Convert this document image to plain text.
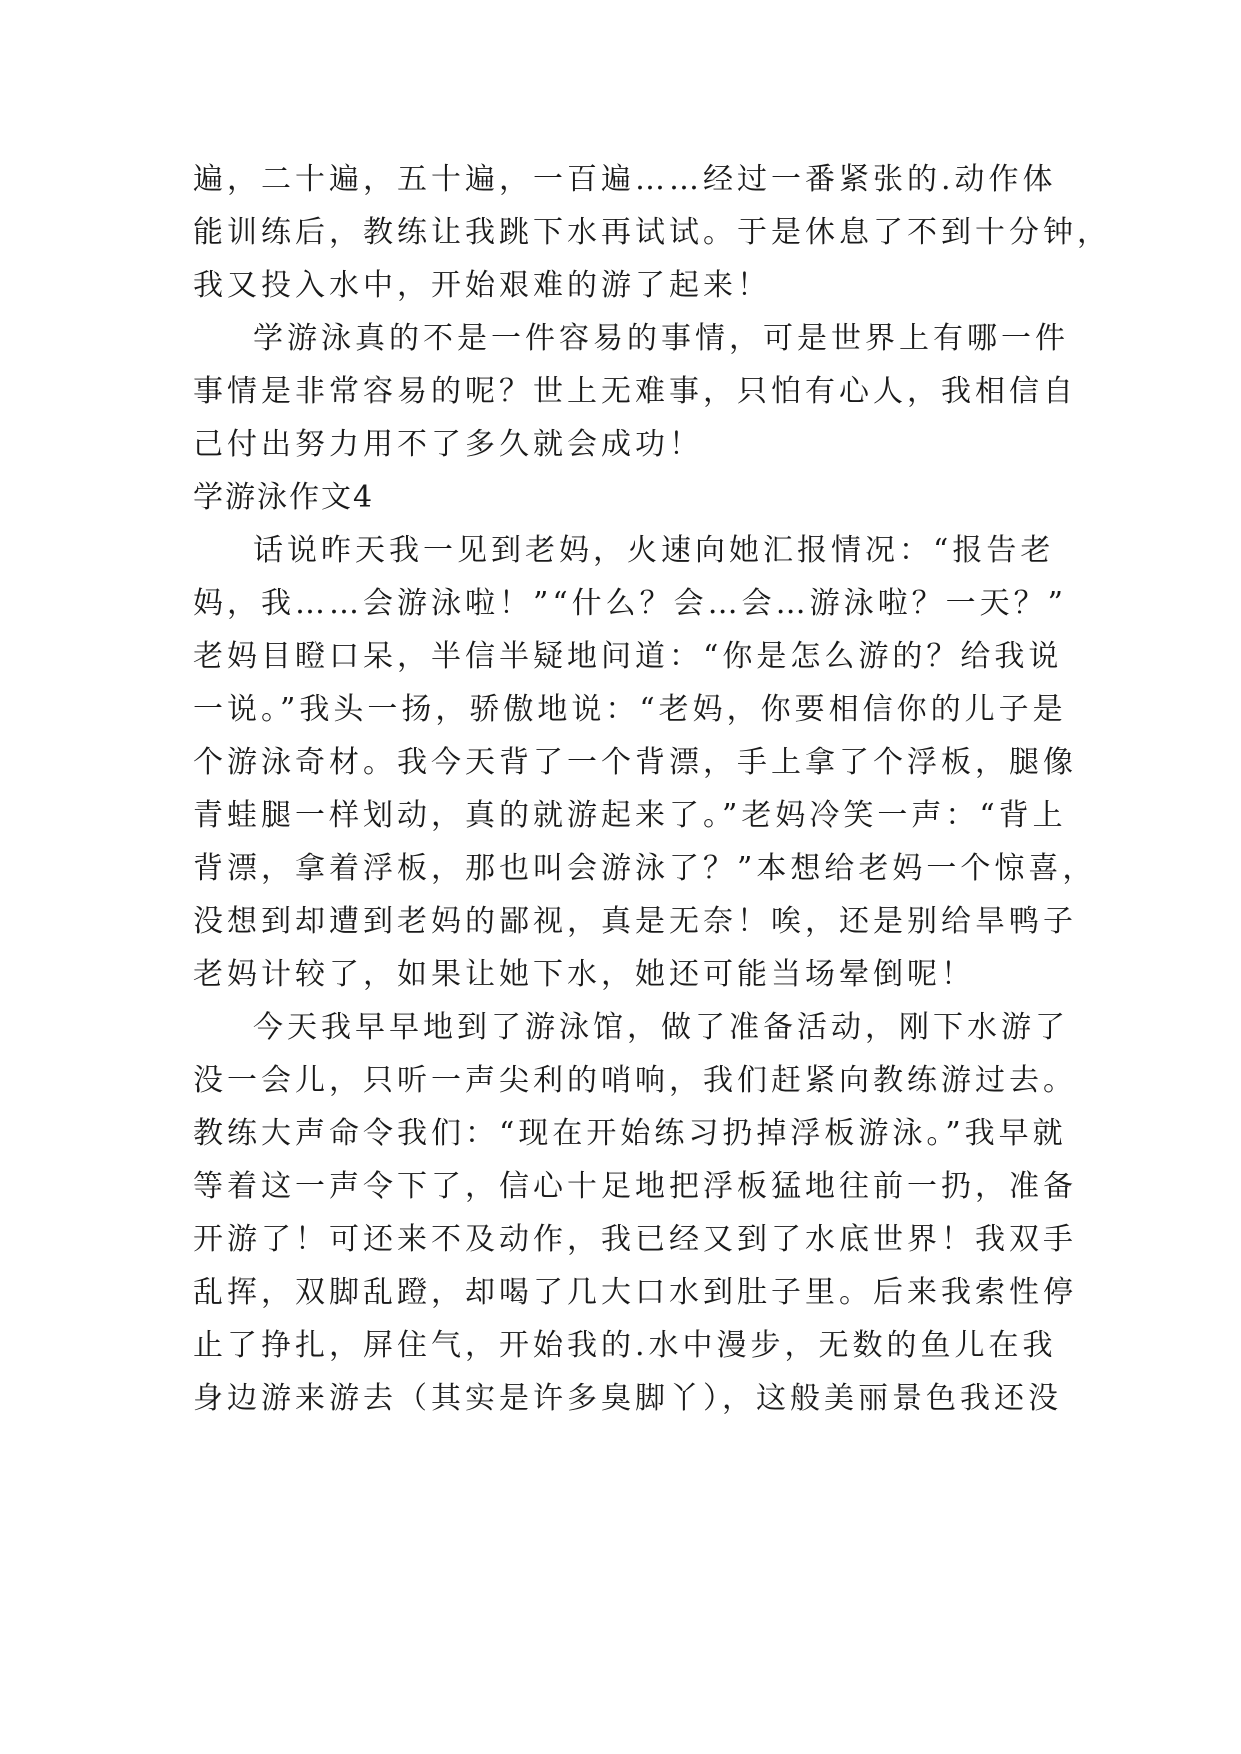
遍，二十遍，五十遍，一百遍……经过一番紧张的.动作体
能训练后，教练让我跳下水再试试。于是休息了不到十分钟，
我又投入水中，开始艰难的游了起来！
学游泳真的不是一件容易的事情，可是世界上有哪一件
事情是非常容易的呢？世上无难事，只怕有心人，我相信自
己付出努力用不了多久就会成功！
学游泳作文4
话说昨天我一见到老妈，火速向她汇报情况：“报告老
妈，我……会游泳啦！”“什么？会…会…游泳啦？一天？”
老妈目瞪口呆，半信半疑地问道：“你是怎么游的？给我说
一说。”我头一扬，骄傲地说：“老妈，你要相信你的儿子是
个游泳奇材。我今天背了一个背漂，手上拿了个浮板，腿像
青蛙腿一样划动，真的就游起来了。”老妈冷笑一声：“背上
背漂，拿着浮板，那也叫会游泳了？”本想给老妈一个惊喜，
没想到却遭到老妈的鄙视，真是无奈！唉，还是别给旱鸭子
老妈计较了，如果让她下水，她还可能当场晕倒呢！
今天我早早地到了游泳馆，做了准备活动，刚下水游了
没一会儿，只听一声尖利的哨响，我们赶紧向教练游过去。
教练大声命令我们：“现在开始练习扔掉浮板游泳。”我早就
等着这一声令下了，信心十足地把浮板猛地往前一扔，准备
开游了！可还来不及动作，我已经又到了水底世界！我双手
乱挥，双脚乱蹬，却喝了几大口水到肚子里。后来我索性停
止了挣扎，屏住气，开始我的.水中漫步，无数的鱼儿在我
身边游来游去（其实是许多臭脚丫），这般美丽景色我还没
